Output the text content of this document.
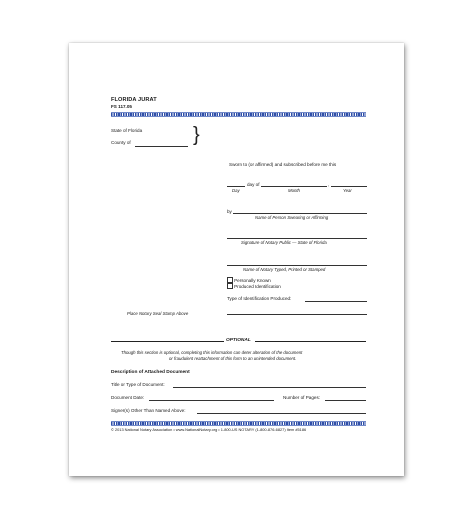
FLORIDA JURAT
FS 117.05
State of Florida
County of	}
Sworn to (or affirmed) and subscribed before me this
day of	,
Day	Month	Year
by
Name of Person Swearing or Affirming
Signature of Notary Public — State of Florida
Name of Notary Typed, Printed or Stamped
Personally Known
Produced Identification
Type of Identification Produced:
Place Notary Seal Stamp Above
OPTIONAL
Though this section is optional, completing this information can deter alteration of the document
or fraudulent reattachment of this form to an unintended document.
Description of Attached Document
Title or Type of Document:
Document Date:	Number of Pages:
Signer(s) Other Than Named Above:
© 2013 National Notary Association • www.NationalNotary.org • 1-800-US NOTARY (1-800-876-6827) Item #5186
